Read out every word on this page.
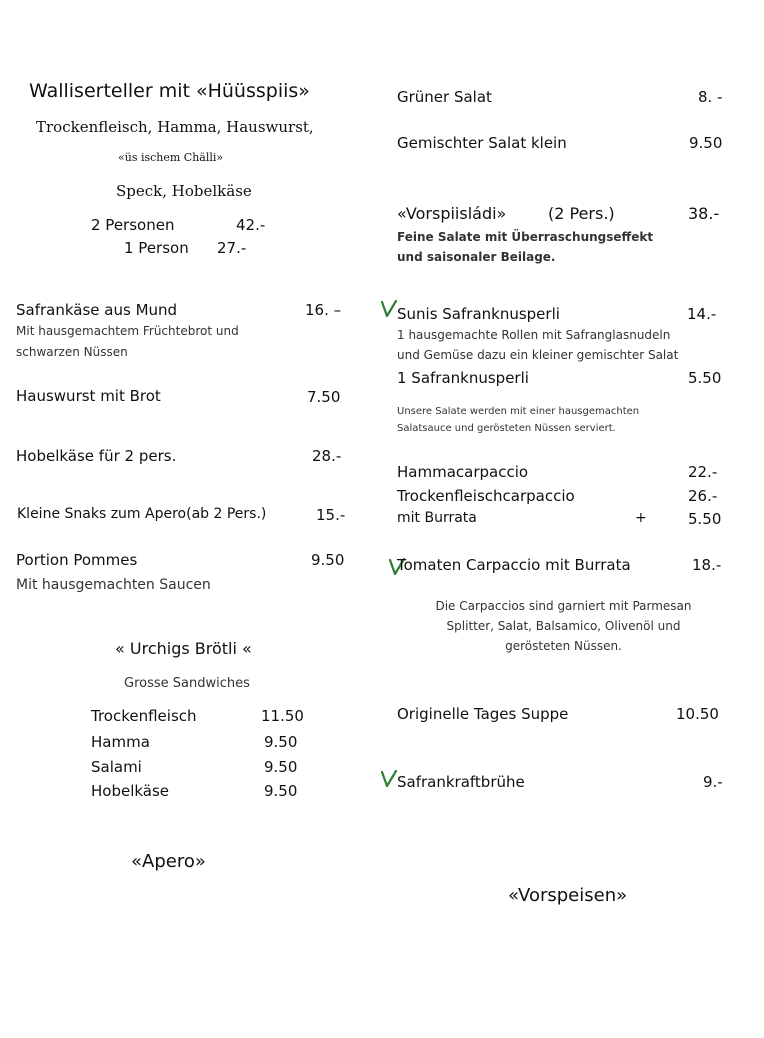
Walliserteller mit «Hüüsspiis»
Trockenfleisch, Hamma, Hauswurst,
«üs ischem Chälli»
Speck, Hobelkäse
2 Personen	42.-
1 Person 27.-
Safrankäse aus Mund	16. –
Mit hausgemachtem Früchtebrot und
schwarzen Nüssen
Hauswurst mit Brot	7.50
Hobelkäse für 2 pers.	28.-
Kleine Snaks zum Apero(ab 2 Pers.)	15.-
Portion Pommes	9.50
Mit hausgemachten Saucen
« Urchigs Brötli «
Grosse Sandwiches
Trockenfleisch	11.50
Hamma	9.50
Salami	9.50
Hobelkäse	9.50
«Apero»
Grüner Salat	8. -
Gemischter Salat klein	9.50
«Vorspiisládi»	(2 Pers.)	38.-
Feine Salate mit Überraschungseffekt
und saisonaler Beilage.
Sunis Safranknusperli	14.-
1 hausgemachte Rollen mit Safranglasnudeln
und Gemüse dazu ein kleiner gemischter Salat
1 Safranknusperli	5.50
Unsere Salate werden mit einer hausgemachten
Salatsauce und gerösteten Nüssen serviert.
Hammacarpaccio	22.-
Trockenfleischcarpaccio	26.-
mit Burrata	+	5.50
Tomaten Carpaccio mit Burrata	18.-
Die Carpaccios sind garniert mit Parmesan
Splitter, Salat, Balsamico, Olivenöl und
gerösteten Nüssen.
Originelle Tages Suppe	10.50
Safrankraftbrühe	9.-
«Vorspeisen»
